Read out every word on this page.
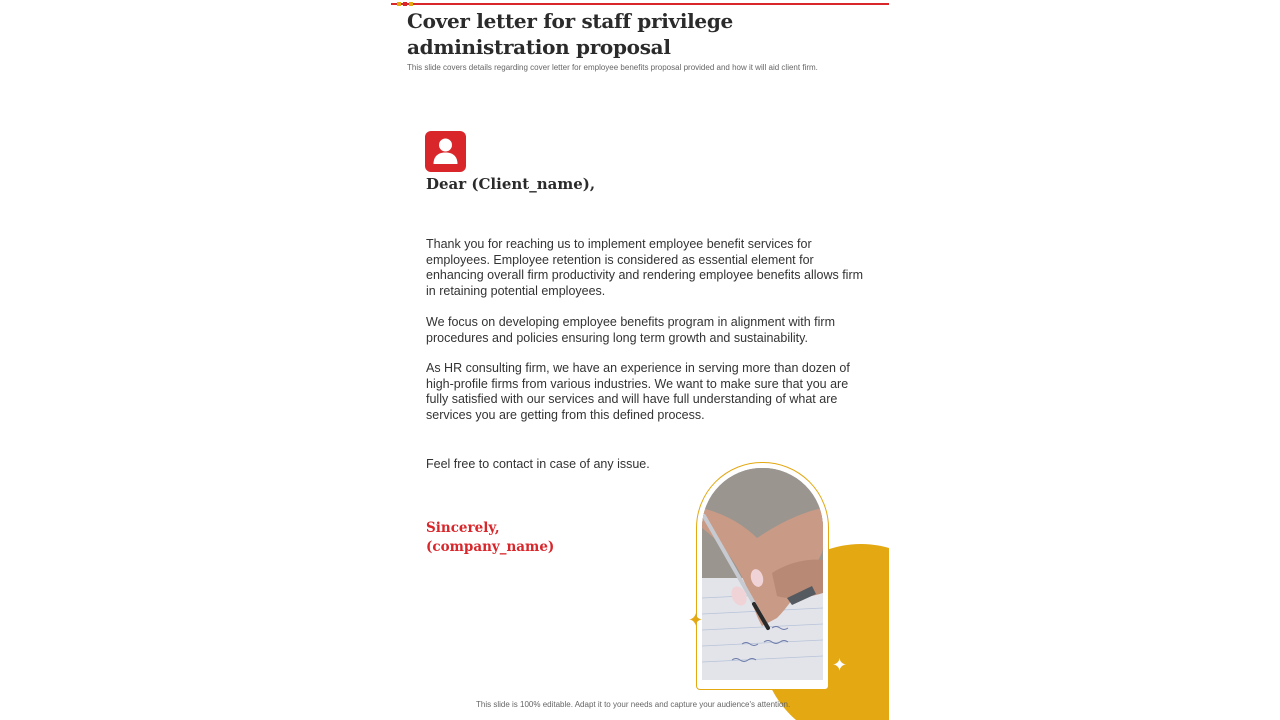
Cover letter for staff privilege administration proposal
This slide covers details regarding cover letter for employee benefits proposal provided and how it will aid client firm.
Dear (Client_name),

Thank you for reaching us to implement employee benefit services for employees. Employee retention is considered as essential element for enhancing overall firm productivity and rendering employee benefits allows firm in retaining potential employees.

We focus on developing employee benefits program in alignment with firm procedures and policies ensuring long term growth and sustainability.

As HR consulting firm, we have an experience in serving more than dozen of high-profile firms from various industries. We want to make sure that you are fully satisfied with our services and will have full understanding of what are services you are getting from this defined process.

Feel free to contact in case of any issue.

Sincerely,
(company_name)
✦
✦
This slide is 100% editable. Adapt it to your needs and capture your audience's attention.
